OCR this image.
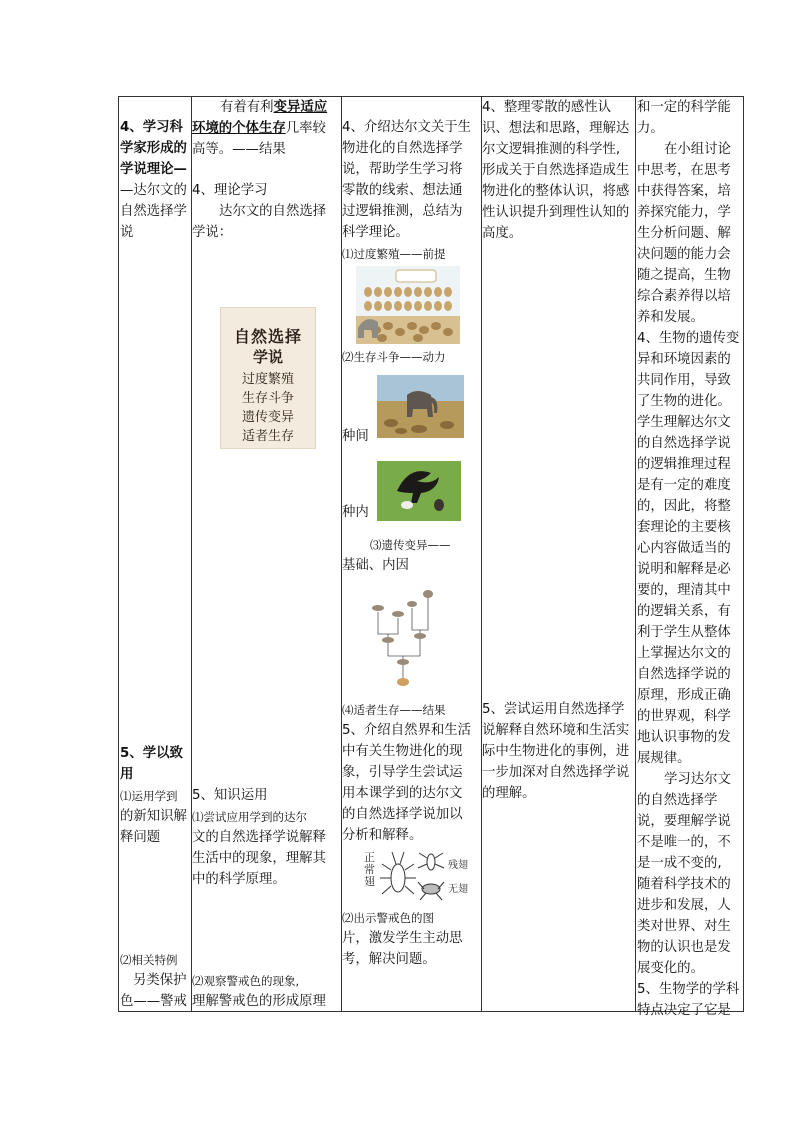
4、学习科
学家形成的
学说理论—
—达尔文的
自然选择学
说
5、学以致
用
⑴运用学到
的新知识解
释问题
⑵相关特例
另类保护
色——警戒
有着有利变异适应
环境的个体生存几率较
高等。——结果
4、理论学习
达尔文的自然选择
学说：
自然选择
学说
过度繁殖
生存斗争
遗传变异
适者生存
5、知识运用
⑴尝试应用学到的达尔
文的自然选择学说解释
生活中的现象，理解其
中的科学原理。
⑵观察警戒色的现象,
理解警戒色的形成原理
4、介绍达尔文关于生
物进化的自然选择学
说，帮助学生学习将
零散的线索、想法通
过逻辑推测，总结为
科学理论。
⑴过度繁殖——前提
⑵生存斗争——动力
种间
种内
⑶遗传变异——
基础、内因
⑷适者生存——结果
5、介绍自然界和生活
中有关生物进化的现
象，引导学生尝试运
用本课学到的达尔文
的自然选择学说加以
分析和解释。
正
常
翅
残翅
无翅
⑵出示警戒色的图
片，激发学生主动思
考，解决问题。
4、整理零散的感性认
识、想法和思路，理解达
尔文逻辑推测的科学性,
形成关于自然选择造成生
物进化的整体认识，将感
性认识提升到理性认知的
高度。
5、尝试运用自然选择学
说解释自然环境和生活实
际中生物进化的事例，进
一步加深对自然选择学说
的理解。
和一定的科学能
力。
在小组讨论
中思考，在思考
中获得答案，培
养探究能力，学
生分析问题、解
决问题的能力会
随之提高，生物
综合素养得以培
养和发展。
4、生物的遗传变
异和环境因素的
共同作用，导致
了生物的进化。
学生理解达尔文
的自然选择学说
的逻辑推理过程
是有一定的难度
的，因此，将整
套理论的主要核
心内容做适当的
说明和解释是必
要的，理清其中
的逻辑关系，有
利于学生从整体
上掌握达尔文的
自然选择学说的
原理，形成正确
的世界观，科学
地认识事物的发
展规律。
学习达尔文
的自然选择学
说，要理解学说
不是唯一的，不
是一成不变的,
随着科学技术的
进步和发展，人
类对世界、对生
物的认识也是发
展变化的。
5、生物学的学科
特点决定了它是
